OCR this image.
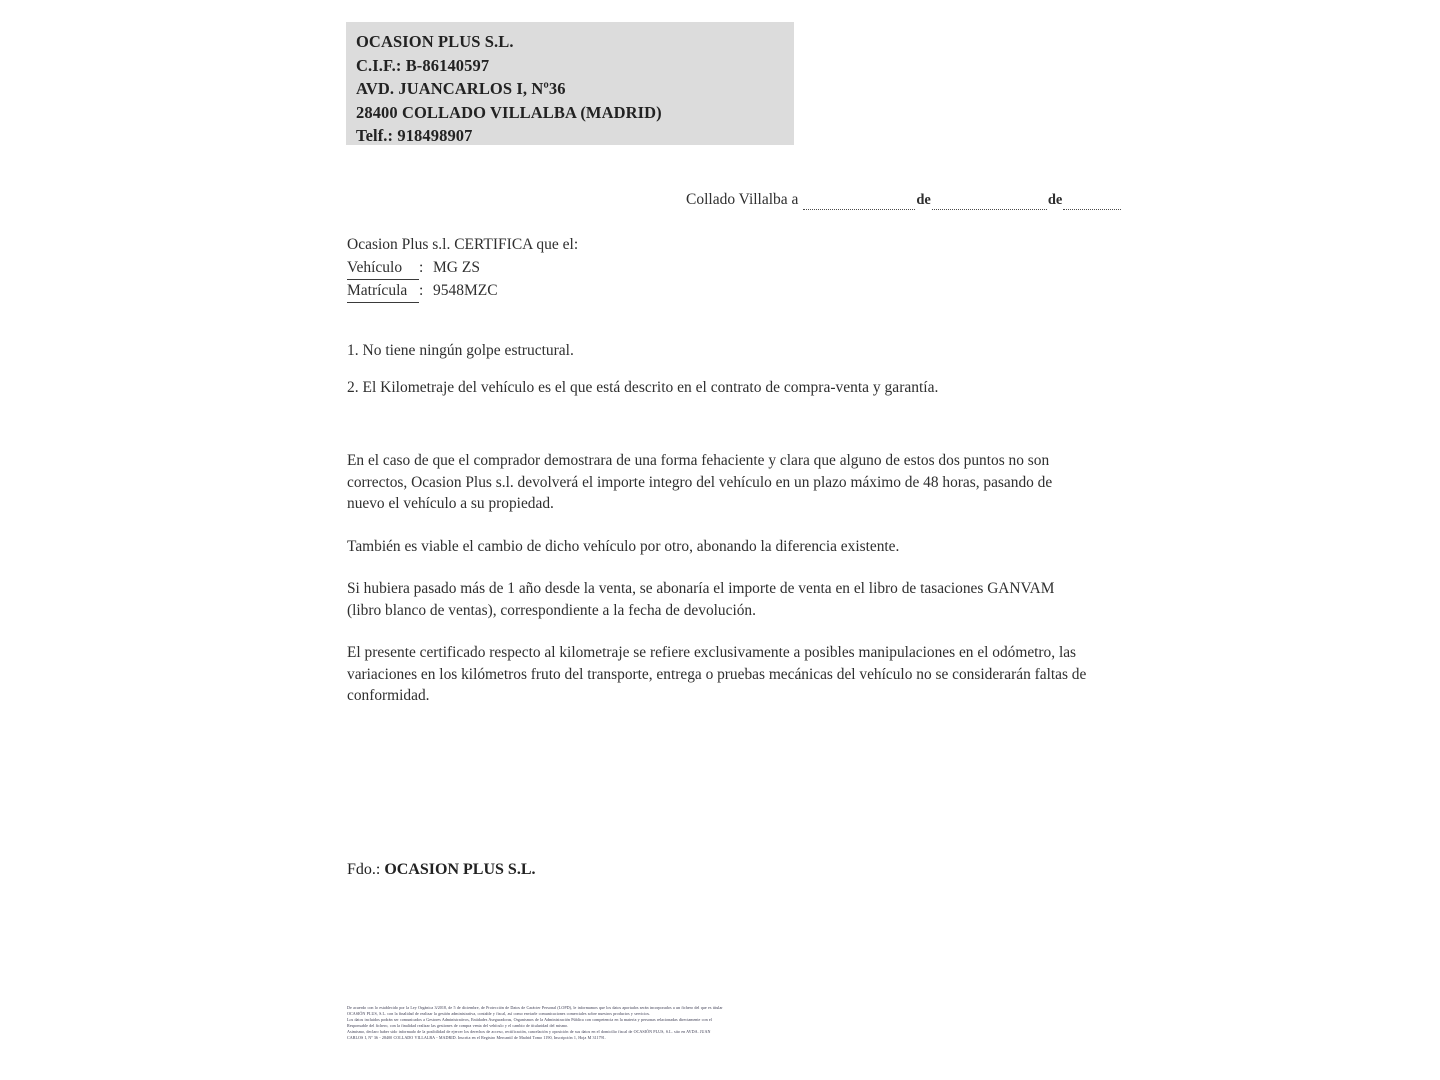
OCASION PLUS S.L.
C.I.F.: B-86140597
AVD. JUANCARLOS I, Nº36
28400 COLLADO VILLALBA (MADRID)
Telf.: 918498907
Collado Villalba a	de	de

Ocasion Plus s.l. CERTIFICA que el:

Vehículo : MG ZS
Matrícula : 9548MZC
1. No tiene ningún golpe estructural.
2. El Kilometraje del vehículo es el que está descrito en el contrato de compra-venta y garantía.

En el caso de que el comprador demostrara de una forma fehaciente y clara que alguno de estos dos puntos no son correctos, Ocasion Plus s.l. devolverá el importe integro del vehículo en un plazo máximo de 48 horas, pasando de nuevo el vehículo a su propiedad.

También es viable el cambio de dicho vehículo por otro, abonando la diferencia existente.

Si hubiera pasado más de 1 año desde la venta, se abonaría el importe de venta en el libro de tasaciones GANVAM (libro blanco de ventas), correspondiente a la fecha de devolución.

El presente certificado respecto al kilometraje se refiere exclusivamente a posibles manipulaciones en el odómetro, las variaciones en los kilómetros fruto del transporte, entrega o pruebas mecánicas del vehículo no se considerarán faltas de conformidad.

Fdo.: OCASION PLUS S.L.

De acuerdo con lo establecido por la Ley Orgánica 3/2018, de 5 de diciembre, de Protección de Datos de Carácter Personal (LOPD), le informamos que los datos aportados serán incorporados a un fichero del que es titular

OCASIÓN PLUS, S.L. con la finalidad de realizar la gestión administrativa, contable y fiscal, así como enviarle comunicaciones comerciales sobre nuestros productos y servicios.

Los datos incluidos podrán ser comunicados a Gestores Administrativos, Entidades Aseguradoras, Organismos de la Administración Pública con competencia en la materia y personas relacionadas directamente con el

Responsable del fichero, con la finalidad realizar las gestiones de compra venta del vehículo y el cambio de titularidad del mismo.

Asimismo, declaro haber sido informado de la posibilidad de ejercer los derechos de acceso, rectificación, cancelación y oposición de sus datos en el domicilio fiscal de OCASIÓN PLUS, S.L. sito en AVDA. JUAN

CARLOS I, Nº 36 - 28400 COLLADO VILLALBA - MADRID. Inscrita en el Registro Mercantil de Madrid Tomo 1190, Inscripción 1, Hoja M 311791.
